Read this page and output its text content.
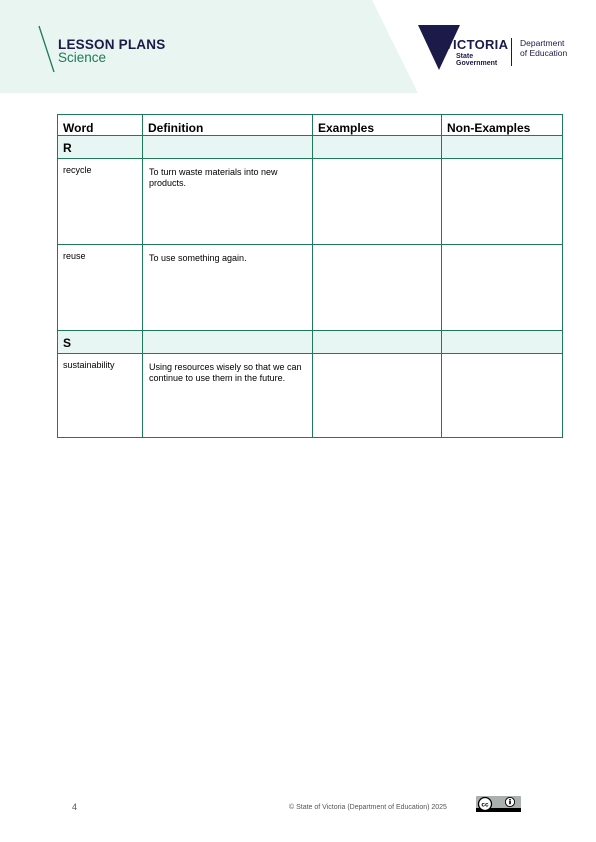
LESSON PLANS
Science
VICTORIA
State
Government
Department
of Education
Word	Definition	Examples	Non-Examples
R			
recycle	To turn waste materials into new products.		
reuse	To use something again.		
S			
sustainability	Using resources wisely so that we can continue to use them in the future.		
4	© State of Victoria (Department of Education) 2025	cc
